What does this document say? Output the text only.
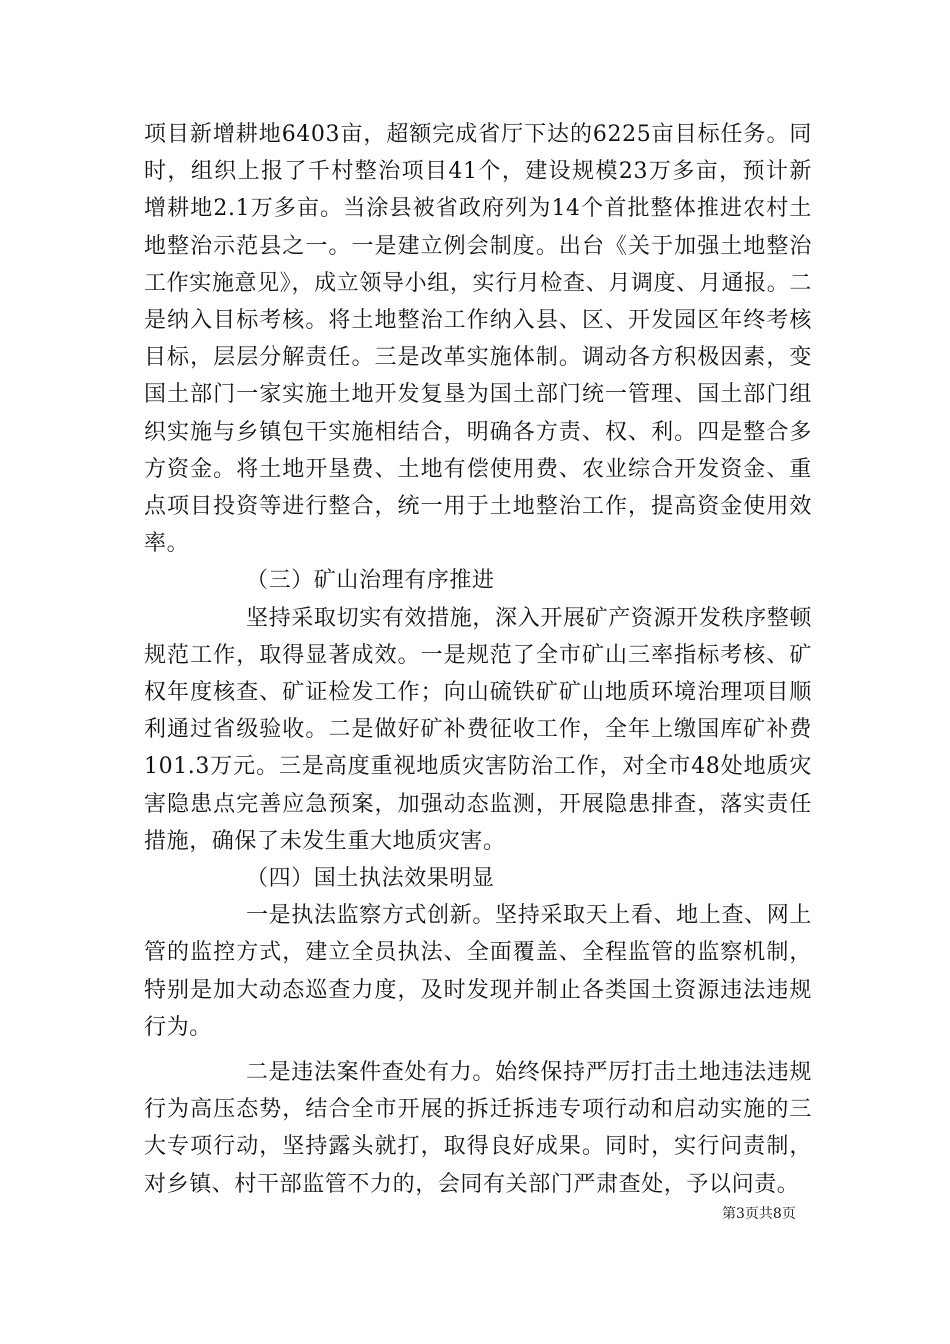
项目新增耕地6403亩，超额完成省厅下达的6225亩目标任务。同时，组织上报了千村整治项目41个，建设规模23万多亩，预计新增耕地2.1万多亩。当涂县被省政府列为14个首批整体推进农村土地整治示范县之一。一是建立例会制度。出台《关于加强土地整治工作实施意见》，成立领导小组，实行月检查、月调度、月通报。二是纳入目标考核。将土地整治工作纳入县、区、开发园区年终考核目标，层层分解责任。三是改革实施体制。调动各方积极因素，变国土部门一家实施土地开发复垦为国土部门统一管理、国土部门组织实施与乡镇包干实施相结合，明确各方责、权、利。四是整合多方资金。将土地开垦费、土地有偿使用费、农业综合开发资金、重点项目投资等进行整合，统一用于土地整治工作，提高资金使用效率。

（三）矿山治理有序推进

坚持采取切实有效措施，深入开展矿产资源开发秩序整顿规范工作，取得显著成效。一是规范了全市矿山三率指标考核、矿权年度核查、矿证检发工作；向山硫铁矿矿山地质环境治理项目顺利通过省级验收。二是做好矿补费征收工作，全年上缴国库矿补费101.3万元。三是高度重视地质灾害防治工作，对全市48处地质灾害隐患点完善应急预案，加强动态监测，开展隐患排查，落实责任措施，确保了未发生重大地质灾害。

（四）国土执法效果明显

一是执法监察方式创新。坚持采取天上看、地上查、网上管的监控方式，建立全员执法、全面覆盖、全程监管的监察机制，特别是加大动态巡查力度，及时发现并制止各类国土资源违法违规行为。

二是违法案件查处有力。始终保持严厉打击土地违法违规行为高压态势，结合全市开展的拆迁拆违专项行动和启动实施的三大专项行动，坚持露头就打，取得良好成果。同时，实行问责制，对乡镇、村干部监管不力的，会同有关部门严肃查处，予以问责。

第3页共8页
